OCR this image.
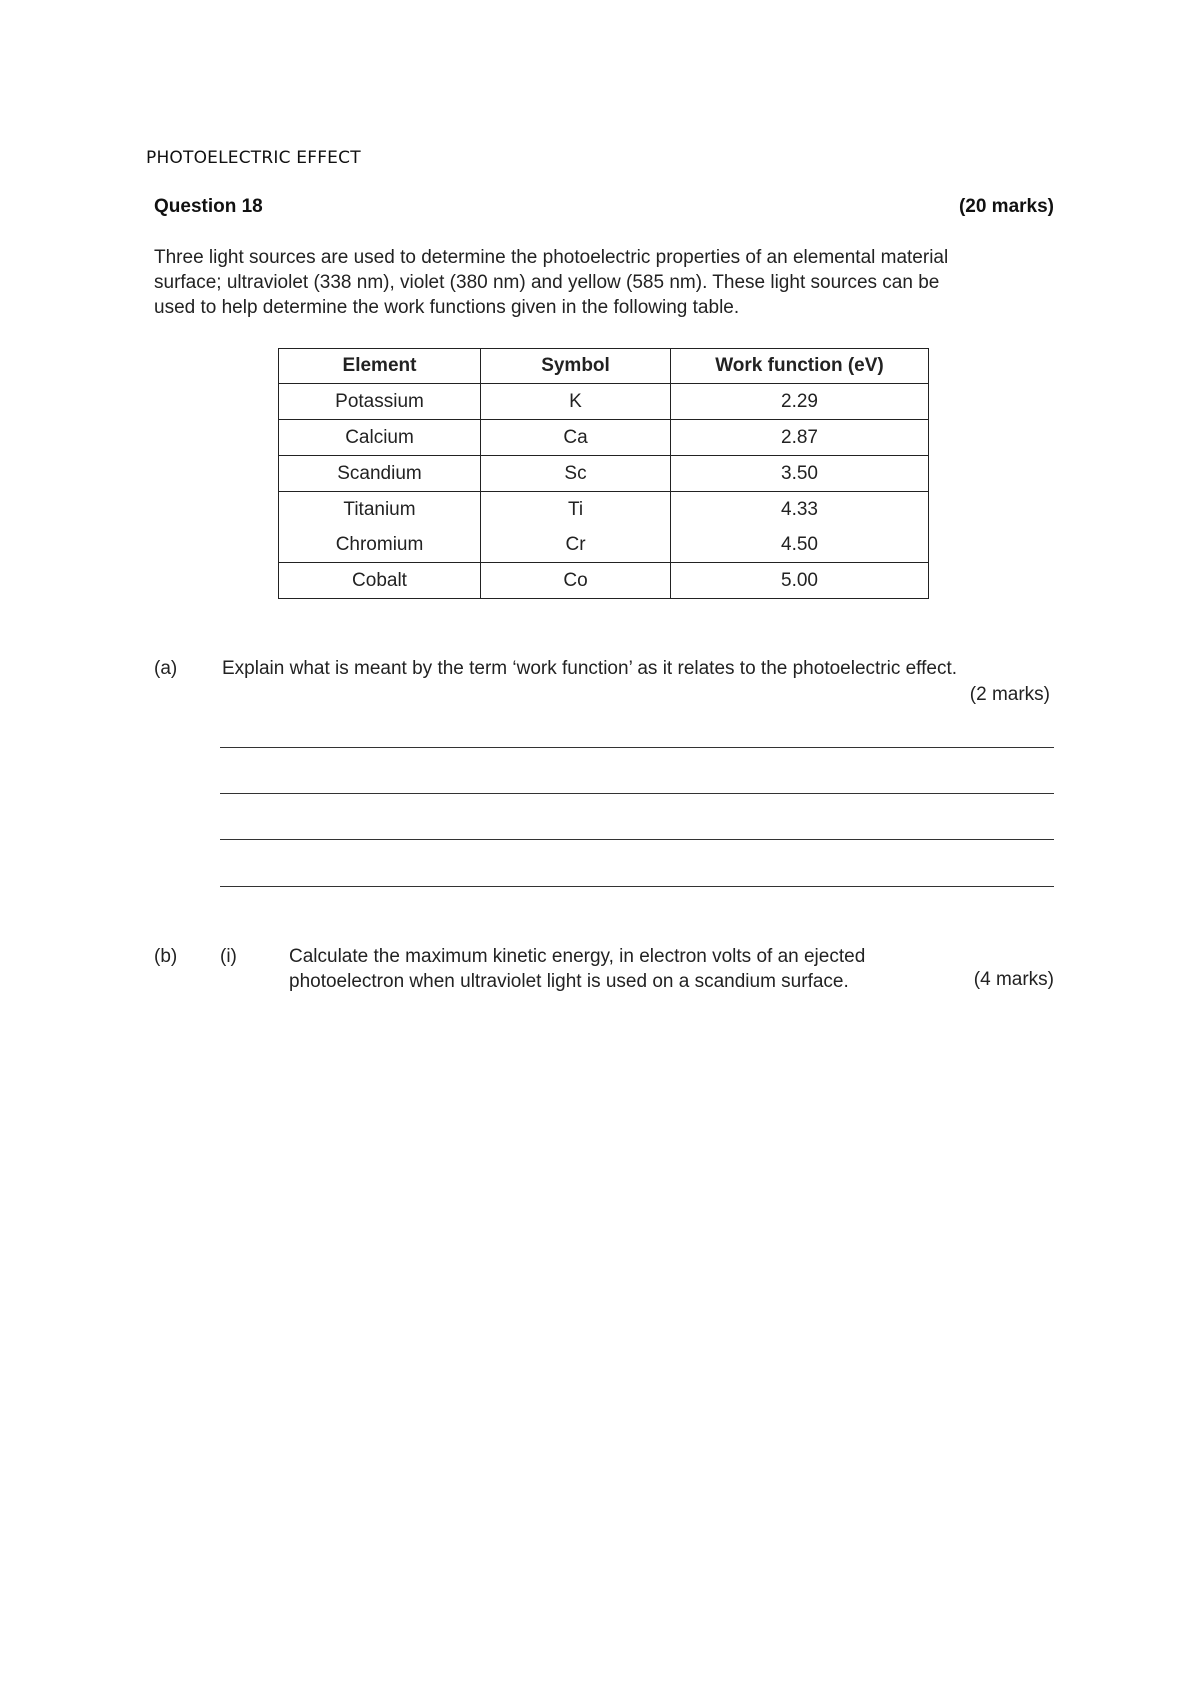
PHOTOELECTRIC EFFECT
Question 18	(20 marks)
Three light sources are used to determine the photoelectric properties of an elemental material
surface; ultraviolet (338 nm), violet (380 nm) and yellow (585 nm). These light sources can be
used to help determine the work functions given in the following table.
Element	Symbol	Work function (eV)
Potassium	K	2.29
Calcium	Ca	2.87
Scandium	Sc	3.50
Titanium	Ti	4.33
Chromium	Cr	4.50
Cobalt	Co	5.00
(a) Explain what is meant by the term ‘work function’ as it relates to the photoelectric effect.
(2 marks)
(b) (i)	Calculate the maximum kinetic energy, in electron volts of an ejected
photoelectron when ultraviolet light is used on a scandium surface.	(4 marks)
